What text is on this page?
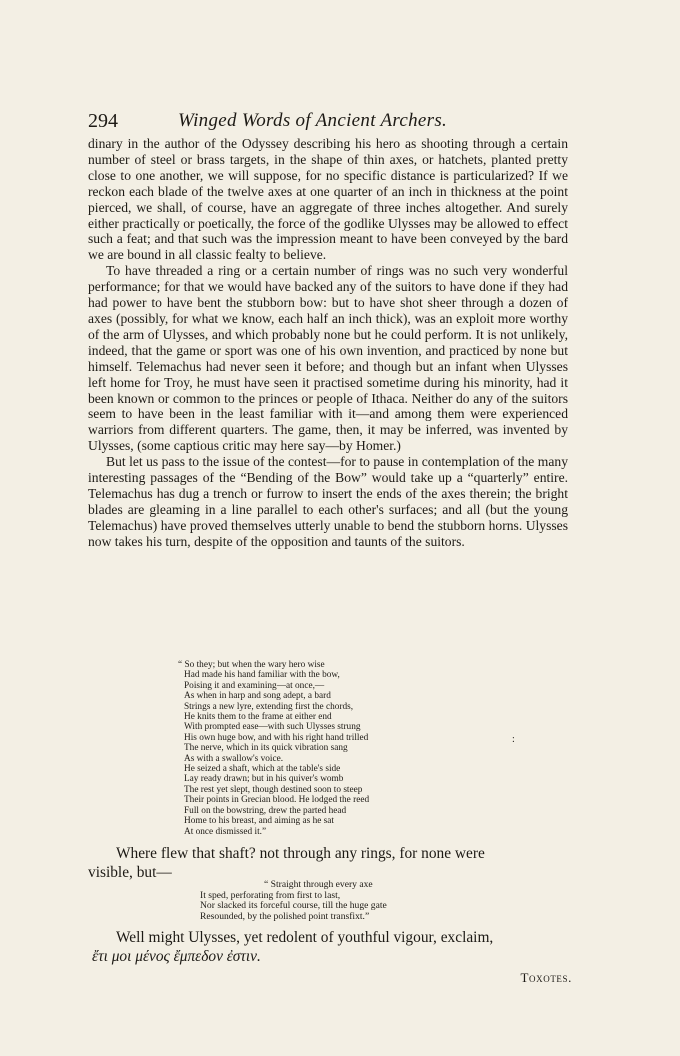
294	Winged Words of Ancient Archers.

dinary in the author of the Odyssey describing his hero as shooting through a certain number of steel or brass targets, in the shape of thin axes, or hatchets, planted pretty close to one another, we will suppose, for no specific distance is particularized? If we reckon each blade of the twelve axes at one quarter of an inch in thickness at the point pierced, we shall, of course, have an aggregate of three inches altogether. And surely either practically or poetically, the force of the godlike Ulysses may be allowed to effect such a feat; and that such was the impression meant to have been conveyed by the bard we are bound in all classic fealty to believe.

To have threaded a ring or a certain number of rings was no such very wonderful performance; for that we would have backed any of the suitors to have done if they had had power to have bent the stubborn bow: but to have shot sheer through a dozen of axes (possibly, for what we know, each half an inch thick), was an exploit more worthy of the arm of Ulysses, and which probably none but he could perform. It is not unlikely, indeed, that the game or sport was one of his own invention, and practiced by none but himself. Telemachus had never seen it before; and though but an infant when Ulysses left home for Troy, he must have seen it practised sometime during his minority, had it been known or common to the princes or people of Ithaca. Neither do any of the suitors seem to have been in the least familiar with it—and among them were experienced warriors from different quarters. The game, then, it may be inferred, was invented by Ulysses, (some captious critic may here say—by Homer.)

But let us pass to the issue of the contest—for to pause in contemplation of the many interesting passages of the “Bending of the Bow” would take up a “quarterly” entire. Telemachus has dug a trench or furrow to insert the ends of the axes therein; the bright blades are gleaming in a line parallel to each other's surfaces; and all (but the young Telemachus) have proved themselves utterly unable to bend the stubborn horns. Ulysses now takes his turn, despite of the opposition and taunts of the suitors.

“ So they; but when the wary hero wise
Had made his hand familiar with the bow,
Poising it and examining—at once,—
As when in harp and song adept, a bard
Strings a new lyre, extending first the chords,
He knits them to the frame at either end
With prompted ease—with such Ulysses strung
His own huge bow, and with his right hand trilled
The nerve, which in its quick vibration sang
As with a swallow's voice.
He seized a shaft, which at the table's side
Lay ready drawn; but in his quiver's womb
The rest yet slept, though destined soon to steep
Their points in Grecian blood. He lodged the reed
Full on the bowstring, drew the parted head
Home to his breast, and aiming as he sat
At once dismissed it.”
:

Where flew that shaft? not through any rings, for none were

visible, but—

“ Straight through every axe
It sped, perforating from first to last,
Nor slacked its forceful course, till the huge gate
Resounded, by the polished point transfixt.”

Well might Ulysses, yet redolent of youthful vigour, exclaim,

ἔτι μοι μένος ἔμπεδον ἐστιν.

Toxotes.
